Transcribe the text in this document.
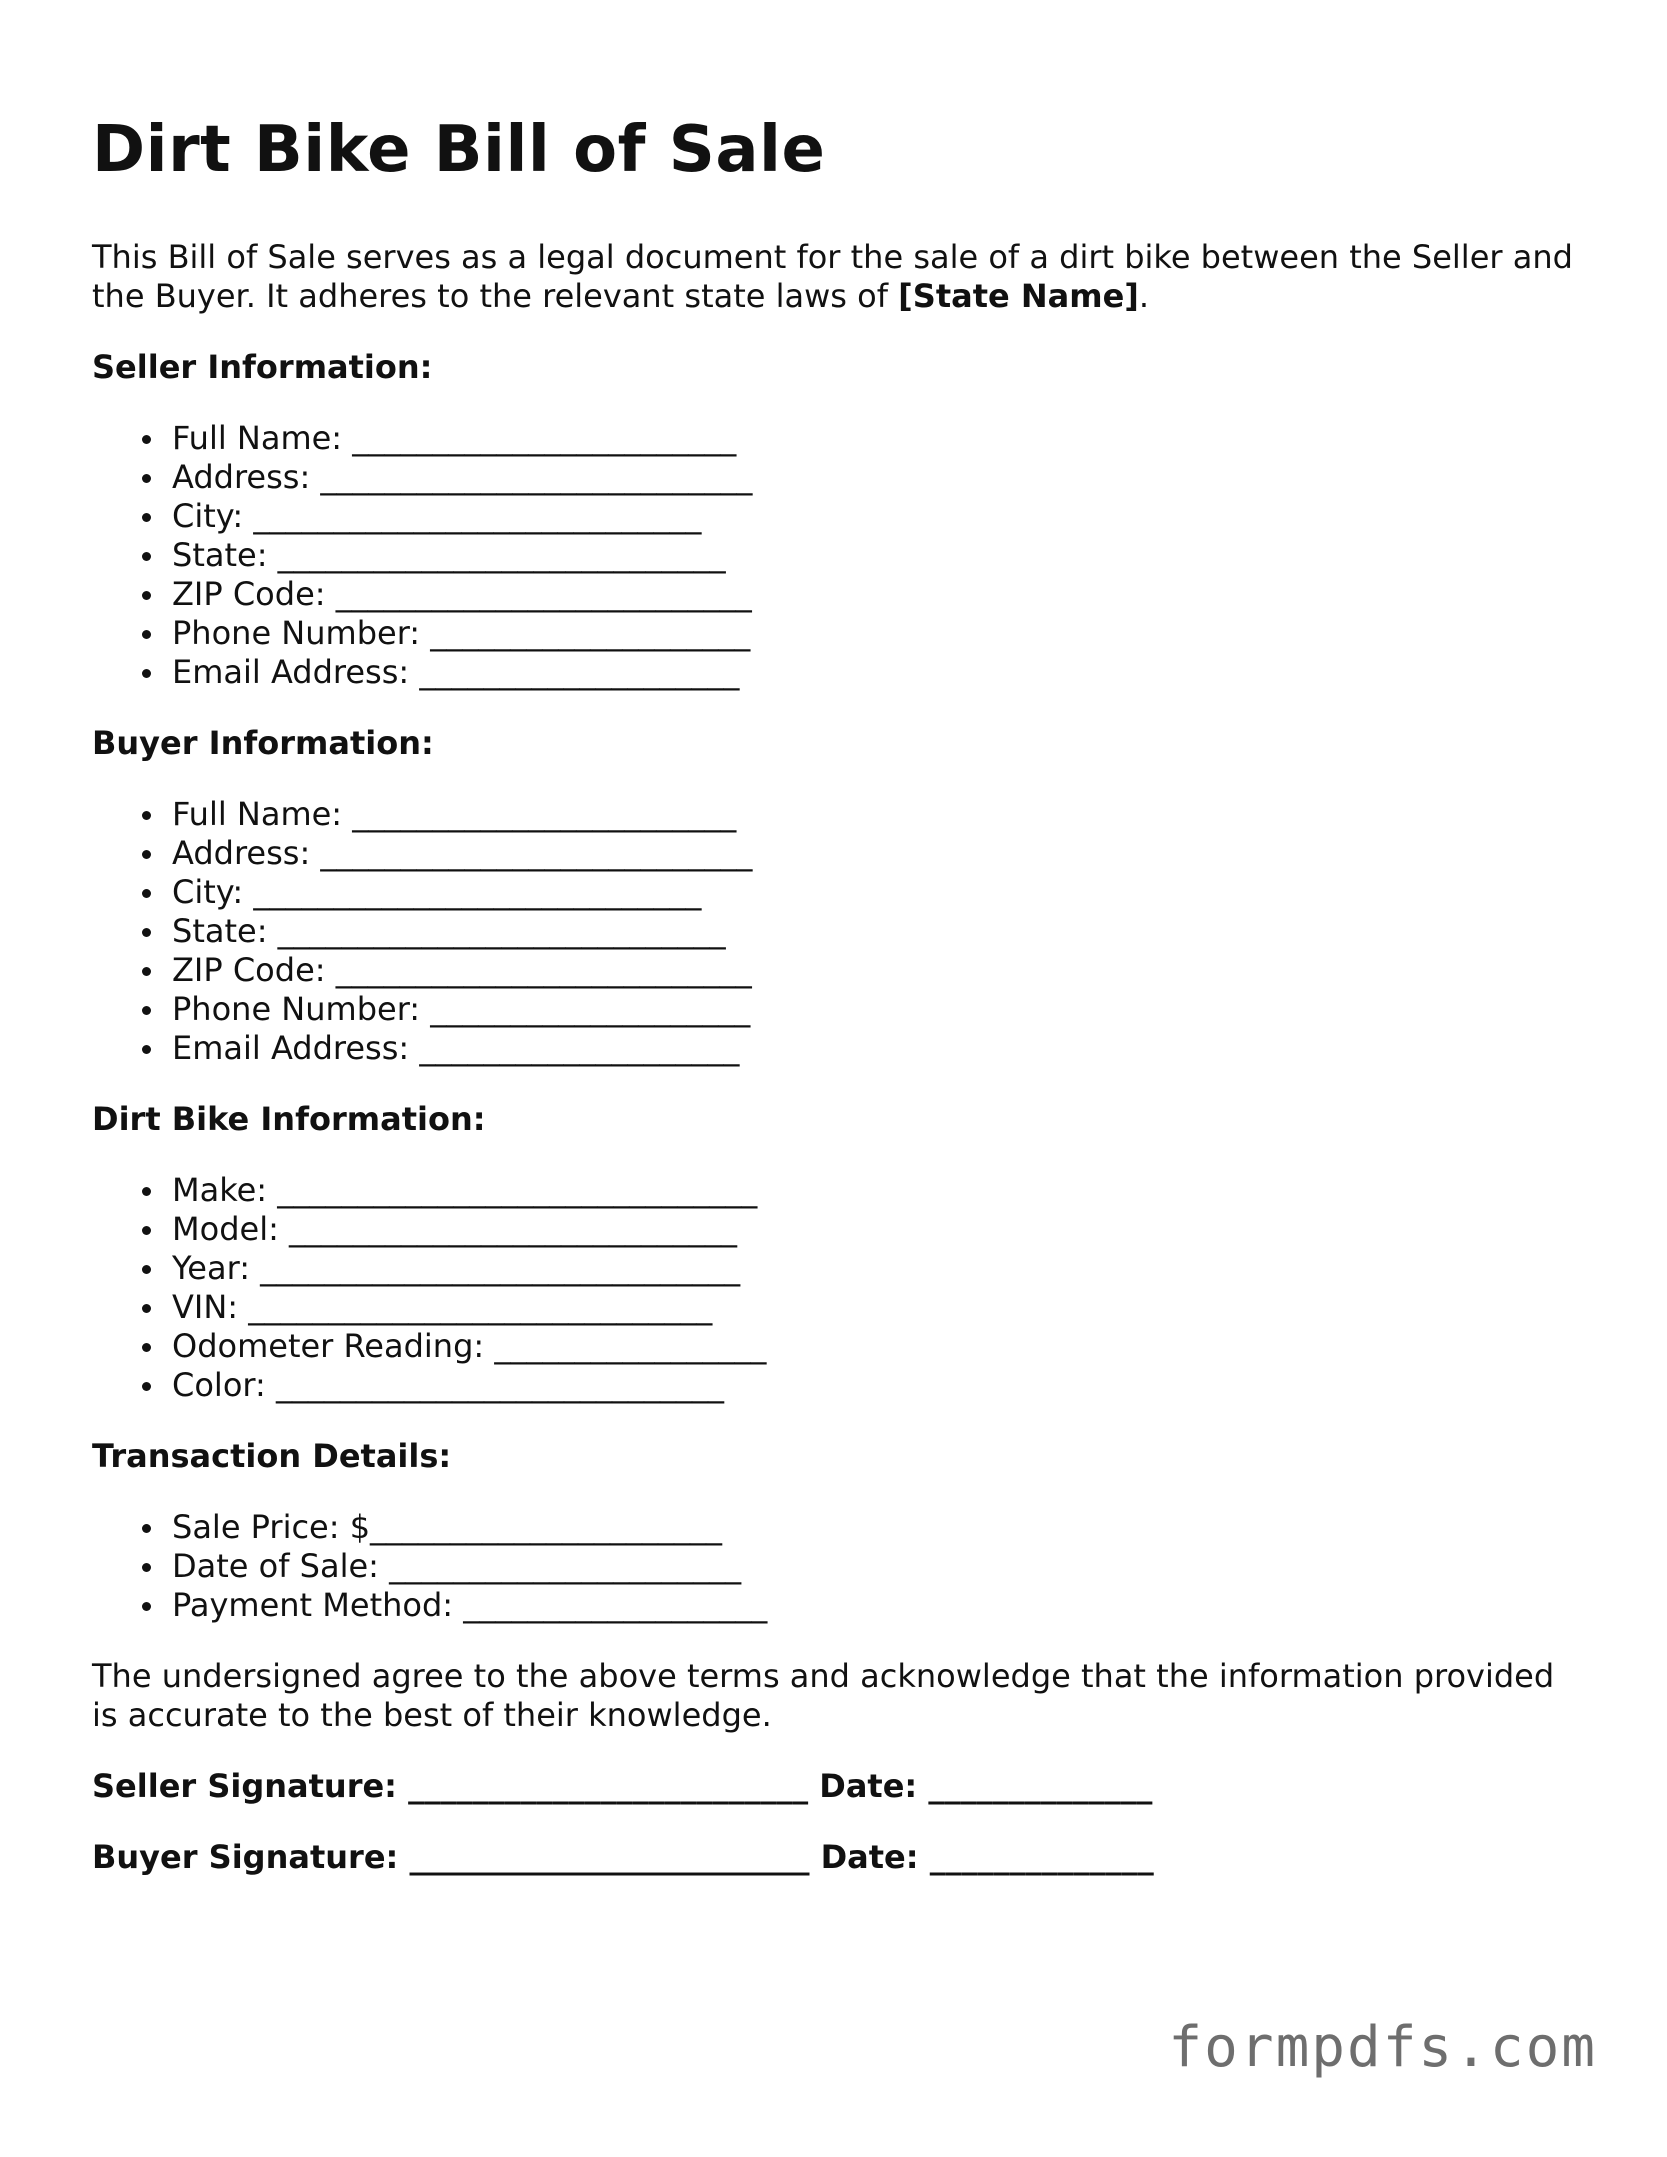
Dirt Bike Bill of Sale

This Bill of Sale serves as a legal document for the sale of a dirt bike between the Seller and the Buyer. It adheres to the relevant state laws of [State Name].

Seller Information:
Full Name: ________________________
Address: ___________________________
City: ____________________________
State: ____________________________
ZIP Code: __________________________
Phone Number: ____________________
Email Address: ____________________
Buyer Information:
Full Name: ________________________
Address: ___________________________
City: ____________________________
State: ____________________________
ZIP Code: __________________________
Phone Number: ____________________
Email Address: ____________________
Dirt Bike Information:
Make: ______________________________
Model: ____________________________
Year: ______________________________
VIN: _____________________________
Odometer Reading: _________________
Color: ____________________________
Transaction Details:
Sale Price: $______________________
Date of Sale: ______________________
Payment Method: ___________________

The undersigned agree to the above terms and acknowledge that the information provided is accurate to the best of their knowledge.

Seller Signature: _________________________ Date: ______________
Buyer Signature: _________________________ Date: ______________
formpdfs.com
